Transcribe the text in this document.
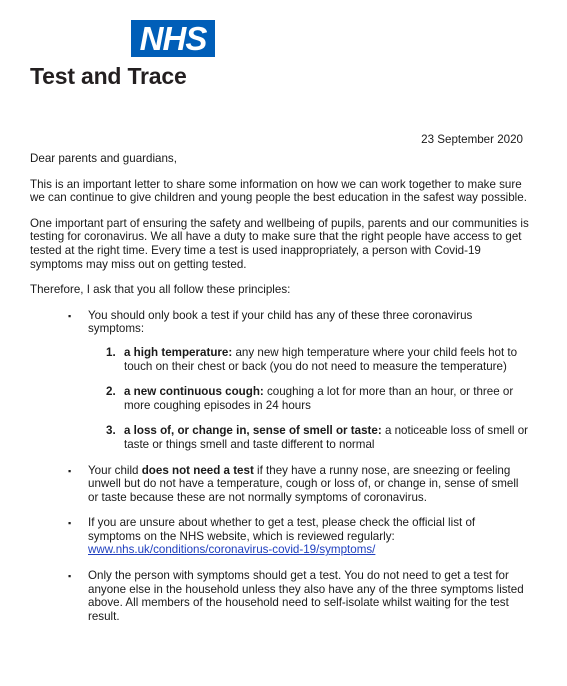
NHS
Test and Trace
23 September 2020

Dear parents and guardians,

This is an important letter to share some information on how we can work together to make sure we can continue to give children and young people the best education in the safest way possible.

One important part of ensuring the safety and wellbeing of pupils, parents and our communities is testing for coronavirus. We all have a duty to make sure that the right people have access to get tested at the right time. Every time a test is used inappropriately, a person with Covid-19 symptoms may miss out on getting tested.

Therefore, I ask that you all follow these principles:

▪ You should only book a test if your child has any of these three coronavirus symptoms:
1. a high temperature: any new high temperature where your child feels hot to touch on their chest or back (you do not need to measure the temperature)
2. a new continuous cough: coughing a lot for more than an hour, or three or more coughing episodes in 24 hours
3. a loss of, or change in, sense of smell or taste: a noticeable loss of smell or taste or things smell and taste different to normal
▪ Your child does not need a test if they have a runny nose, are sneezing or feeling unwell but do not have a temperature, cough or loss of, or change in, sense of smell or taste because these are not normally symptoms of coronavirus.
▪ If you are unsure about whether to get a test, please check the official list of symptoms on the NHS website, which is reviewed regularly: www.nhs.uk/conditions/coronavirus-covid-19/symptoms/
▪ Only the person with symptoms should get a test. You do not need to get a test for anyone else in the household unless they also have any of the three symptoms listed above. All members of the household need to self-isolate whilst waiting for the test result.
